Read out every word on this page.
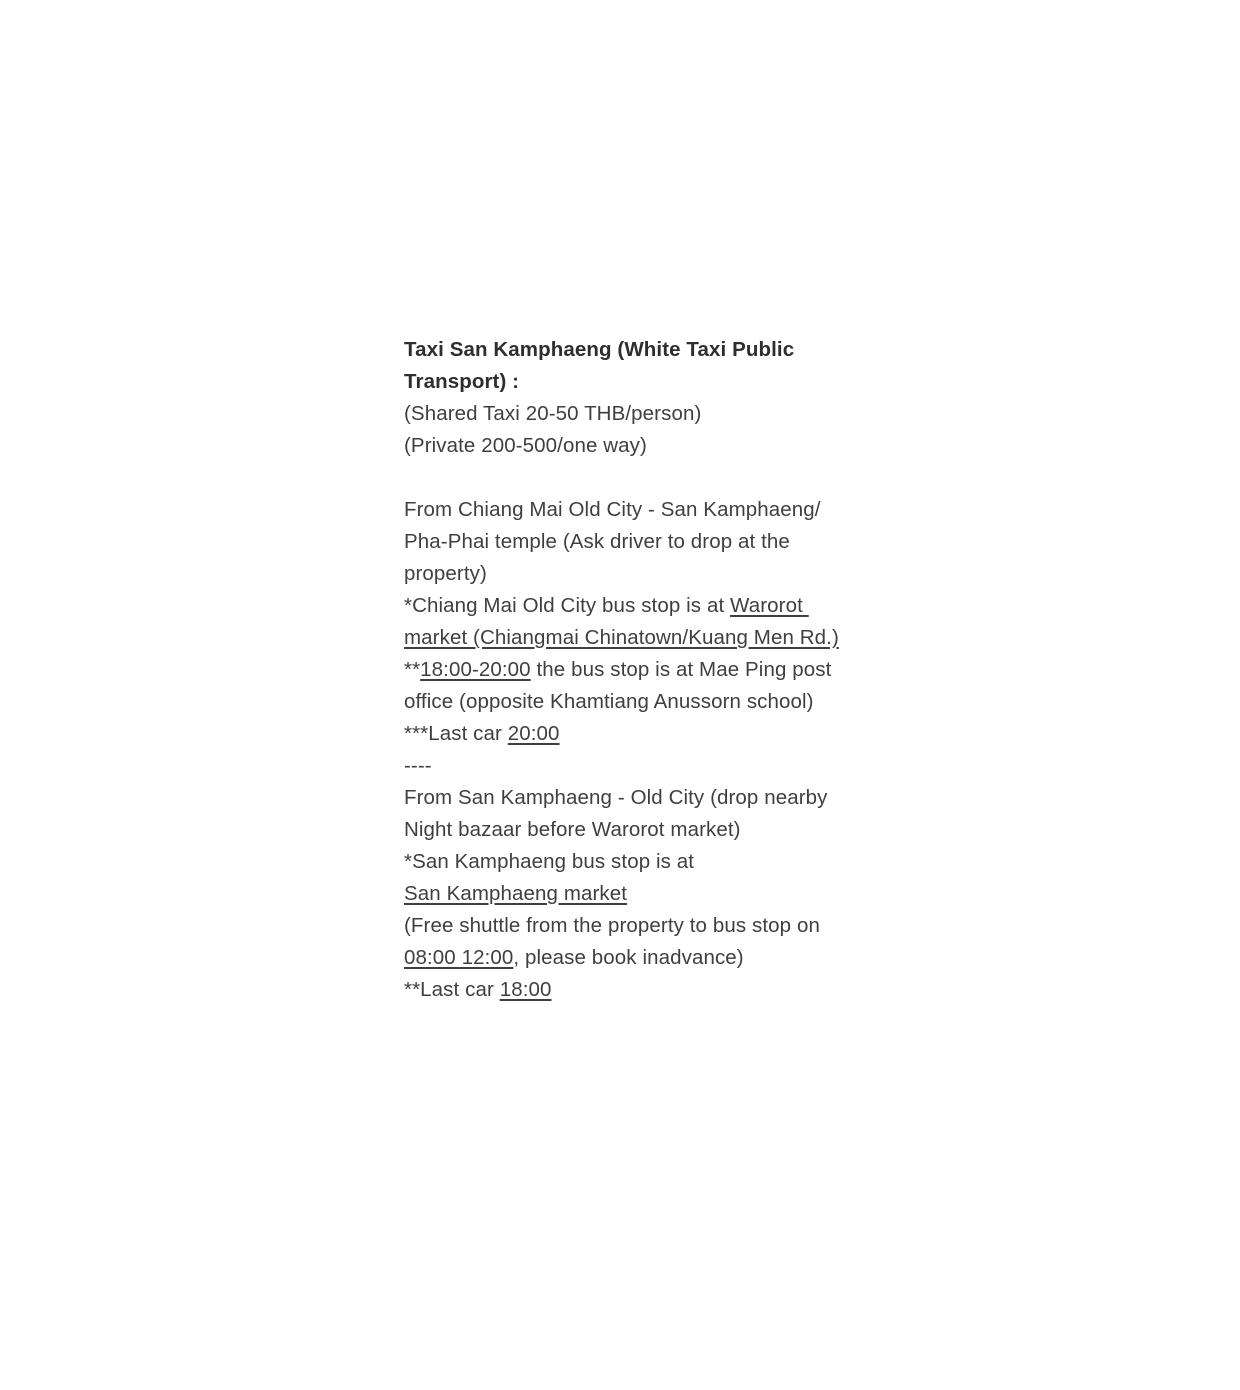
Taxi San Kamphaeng (White Taxi Public Transport) :
(Shared Taxi 20-50 THB/person)
(Private 200-500/one way)
From Chiang Mai Old City - San Kamphaeng/ Pha-Phai temple (Ask driver to drop at the property)
*Chiang Mai Old City bus stop is at Warorot market (Chiangmai Chinatown/Kuang Men Rd.)
**18:00-20:00 the bus stop is at Mae Ping post office (opposite Khamtiang Anussorn school)
***Last car 20:00
----
From San Kamphaeng - Old City (drop nearby Night bazaar before Warorot market)
*San Kamphaeng bus stop is at
San Kamphaeng market
(Free shuttle from the property to bus stop on 08:00 12:00, please book inadvance)
**Last car 18:00
